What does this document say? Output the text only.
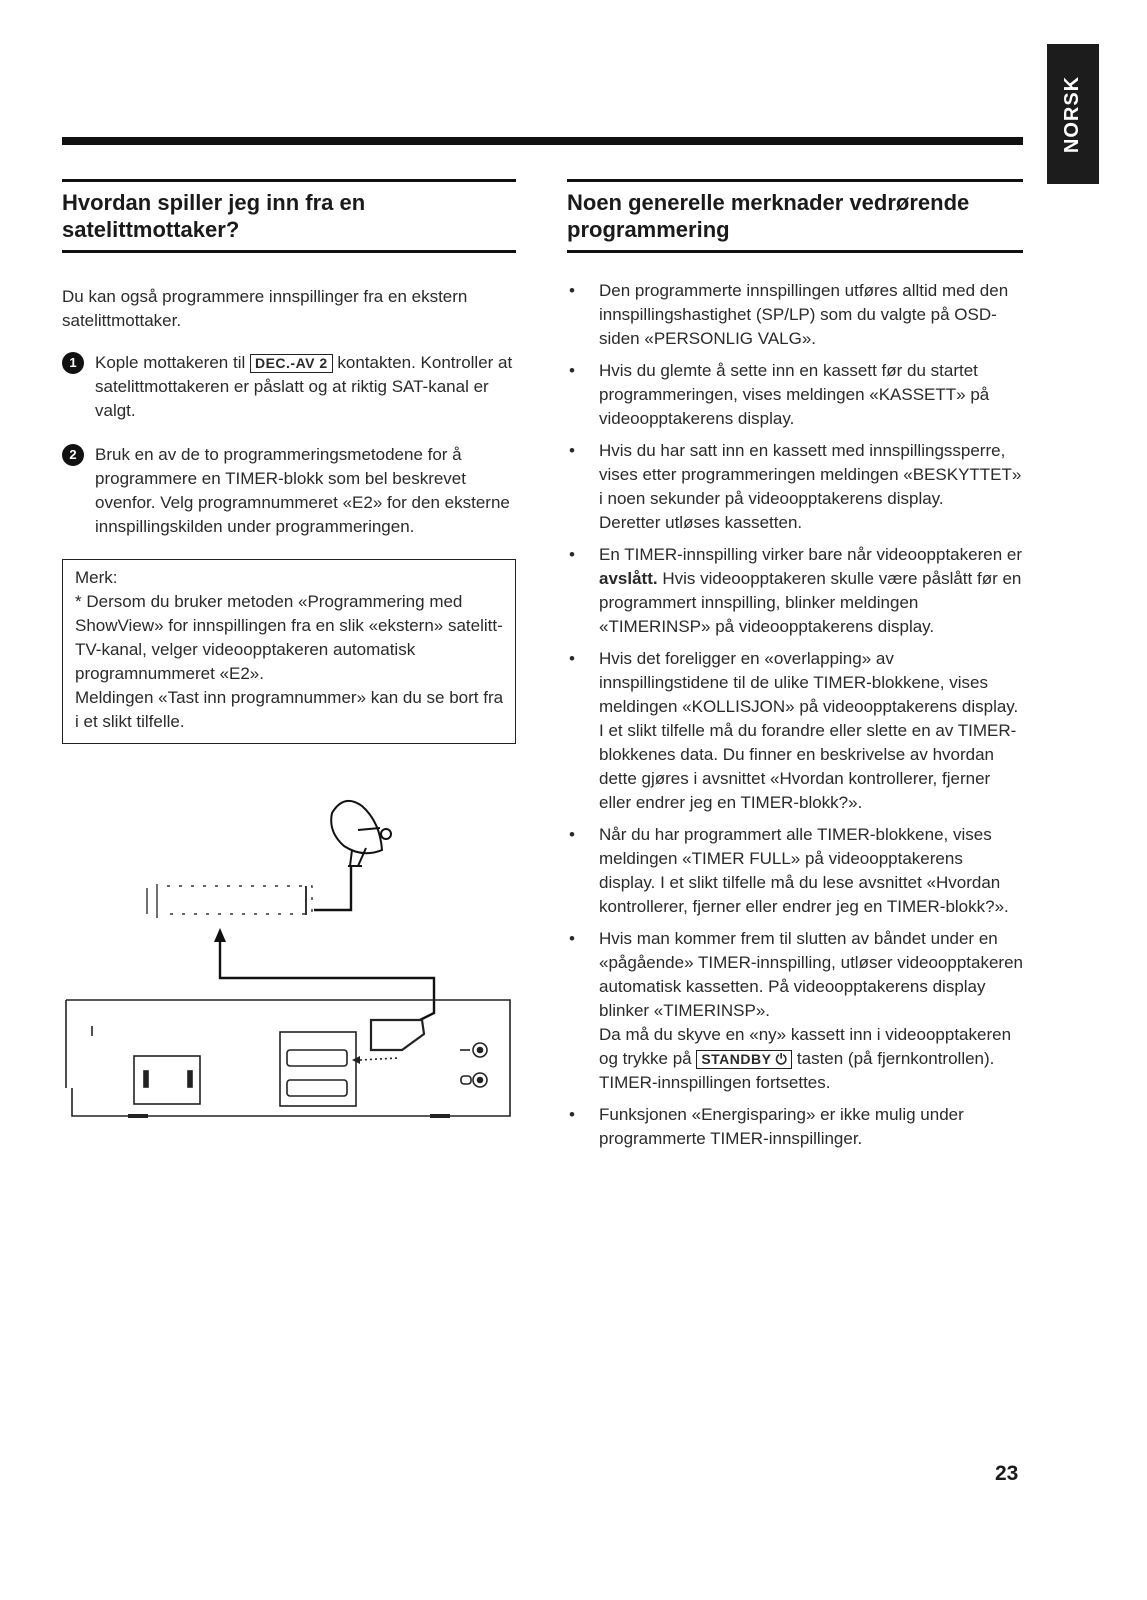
NORSK
Hvordan spiller jeg inn fra en satelittmottaker?
Du kan også programmere innspillinger fra en ekstern satelittmottaker.
1	Kople mottakeren til DEC.-AV 2 kontakten. Kontroller at satelittmottakeren er påslatt og at riktig SAT-kanal er valgt.
2	Bruk en av de to programmeringsmetodene for å programmere en TIMER-blokk som bel beskrevet ovenfor. Velg programnummeret «E2» for den eksterne innspillingskilden under programmeringen.
Merk:
* Dersom du bruker metoden «Programmering med ShowView» for innspillingen fra en slik «ekstern» satelitt-TV-kanal, velger videoopptakeren automatisk programnummeret «E2».
Meldingen «Tast inn programnummer» kan du se bort fra i et slikt tilfelle.
Noen generelle merknader vedrørende programmering
• Den programmerte innspillingen utføres alltid med den innspillingshastighet (SP/LP) som du valgte på OSD-siden «PERSONLIG VALG».

• Hvis du glemte å sette inn en kassett før du startet programmeringen, vises meldingen «KASSETT» på videoopptakerens display.

• Hvis du har satt inn en kassett med innspillingssperre, vises etter programmeringen meldingen «BESKYTTET» i noen sekunder på videoopptakerens display.

Deretter utløses kassetten.

• En TIMER-innspilling virker bare når videoopptakeren er avslått. Hvis videoopptakeren skulle være påslått før en programmert innspilling, blinker meldingen «TIMERINSP» på videoopptakerens display.

• Hvis det foreligger en «overlapping» av innspillingstidene til de ulike TIMER-blokkene, vises meldingen «KOLLISJON» på videoopptakerens display.

I et slikt tilfelle må du forandre eller slette en av TIMER-blokkenes data. Du finner en beskrivelse av hvordan dette gjøres i avsnittet «Hvordan kontrollerer, fjerner eller endrer jeg en TIMER-blokk?».

• Når du har programmert alle TIMER-blokkene, vises meldingen «TIMER FULL» på videoopptakerens display. I et slikt tilfelle må du lese avsnittet «Hvordan kontrollerer, fjerner eller endrer jeg en TIMER-blokk?».

• Hvis man kommer frem til slutten av båndet under en «pågående» TIMER-innspilling, utløser videoopptakeren automatisk kassetten. På videoopptakerens display blinker «TIMERINSP».

Da må du skyve en «ny» kassett inn i videoopptakeren og trykke på STANDBY ⏻ tasten (på fjernkontrollen). TIMER-innspillingen fortsettes.

• Funksjonen «Energisparing» er ikke mulig under programmerte TIMER-innspillinger.

23
